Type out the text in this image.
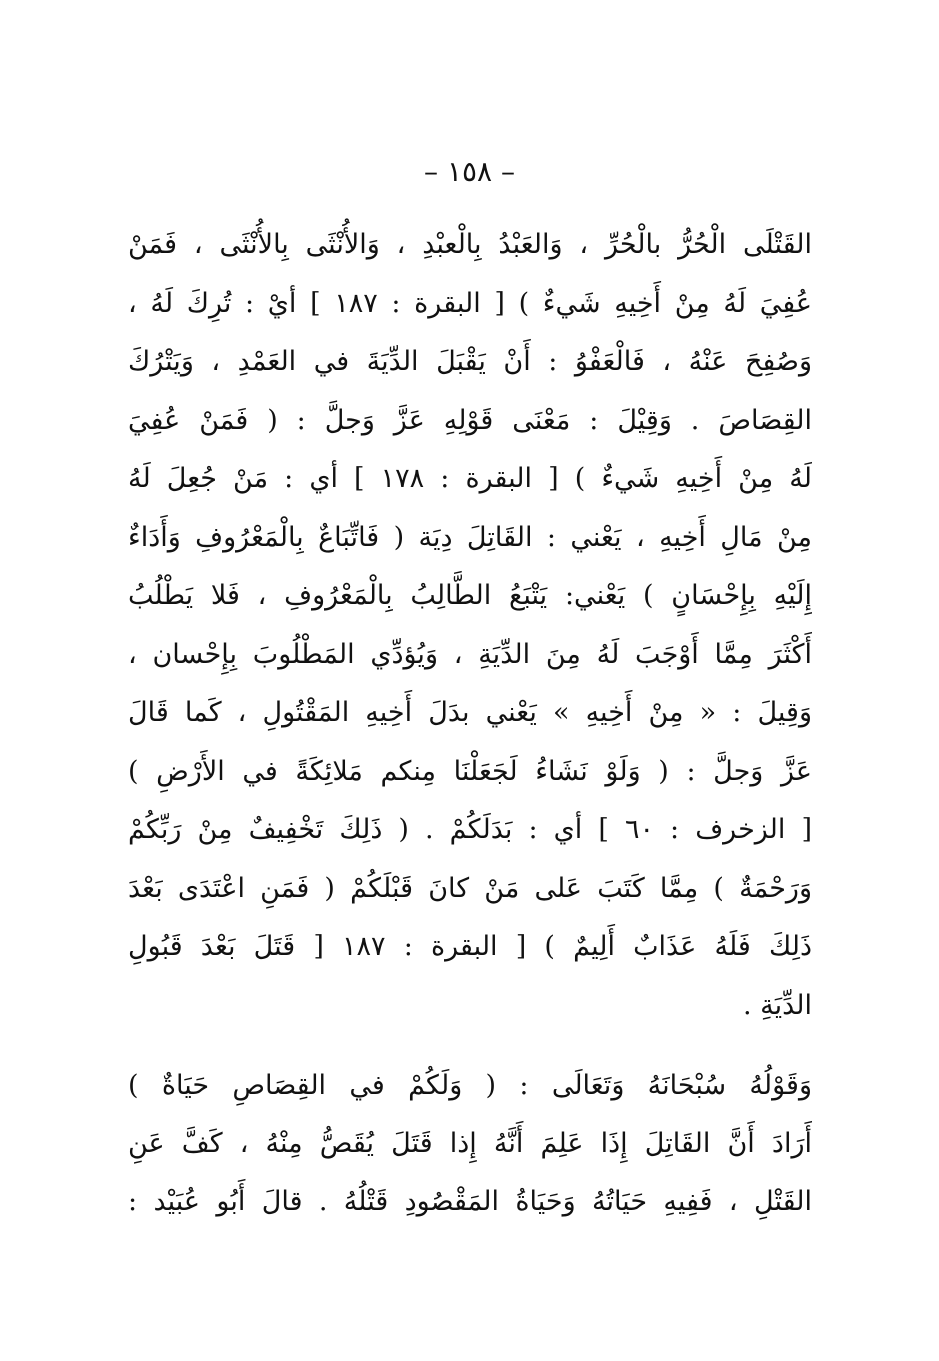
– ١٥٨ –
القَتْلَى الْحُرُّ بالْحُرِّ ، وَالعَبْدُ بِالْعبْدِ ، وَالأُنْثَى بِالأُنْثَى ، فَمَنْ
عُفِيَ لَهُ مِنْ أَخِيهِ شَيءٌ ) [ البقرة : ١٨٧ ] أيْ : تُرِكَ لَهُ ،
وَصُفِحَ عَنْهُ ، فَالْعَفْوُ : أَنْ يَقْبَلَ الدِّيَةَ في العَمْدِ ، وَيَتْرُكَ
القِصَاصَ . وَقِيْلَ : مَعْنَى قَوْلِهِ عَزَّ وَجلَّ : ( فَمَنْ عُفِيَ
لَهُ مِنْ أَخِيهِ شَيءٌ ) [ البقرة : ١٧٨ ] أي : مَنْ جُعِلَ لَهُ
مِنْ مَالِ أَخِيهِ ، يَعْني : القَاتِلَ دِيَة ( فَاتِّبَاعٌ بِالْمَعْرُوفِ وَأَدَاءٌ
إِلَيْهِ بِإِحْسَانٍ ) يَعْني: يَتْبَعُ الطَّالِبُ بِالْمَعْرُوفِ ، فَلا يَطْلُبُ
أَكْثَرَ مِمَّا أَوْجَبَ لَهُ مِنَ الدِّيَةِ ، وَيُؤدِّي المَطْلُوبَ بِإِحْسان ،
وَقِيلَ : « مِنْ أَخِيهِ » يَعْني بدَلَ أَخِيهِ المَقْتُولِ ، كَما قَالَ
عَزَّ وَجلَّ : ( وَلَوْ نَشَاءُ لَجَعَلْنَا مِنكم مَلائِكَةً في الأَرْضِ )
[ الزخرف : ٦٠ ] أي : بَدَلَكُمْ . ( ذَلِكَ تَخْفِيفٌ مِنْ رَبِّكُمْ
وَرَحْمَةٌ ) مِمَّا كَتَبَ عَلى مَنْ كانَ قَبْلَكُمْ ( فَمَنِ اعْتَدَى بَعْدَ
ذَلِكَ فَلَهُ عَذَابٌ أَلِيمٌ ) [ البقرة : ١٨٧ [ قَتَلَ بَعْدَ قَبُولِ
الدِّيَةِ .
وَقَوْلُهُ سُبْحَانَهُ وَتَعَالَى : ( وَلَكُمْ في القِصَاصِ حَيَاةٌ )
أَرَادَ أَنَّ القَاتِلَ إِذَا عَلِمَ أَنَّهُ إِذا قَتَلَ يُقَصُّ مِنْهُ ، كَفَّ عَنِ
القَتْلِ ، فَفِيهِ حَيَاتُهُ وَحَيَاةُ المَقْصُودِ قَتْلُهُ . قالَ أَبُو عُبَيْد :
